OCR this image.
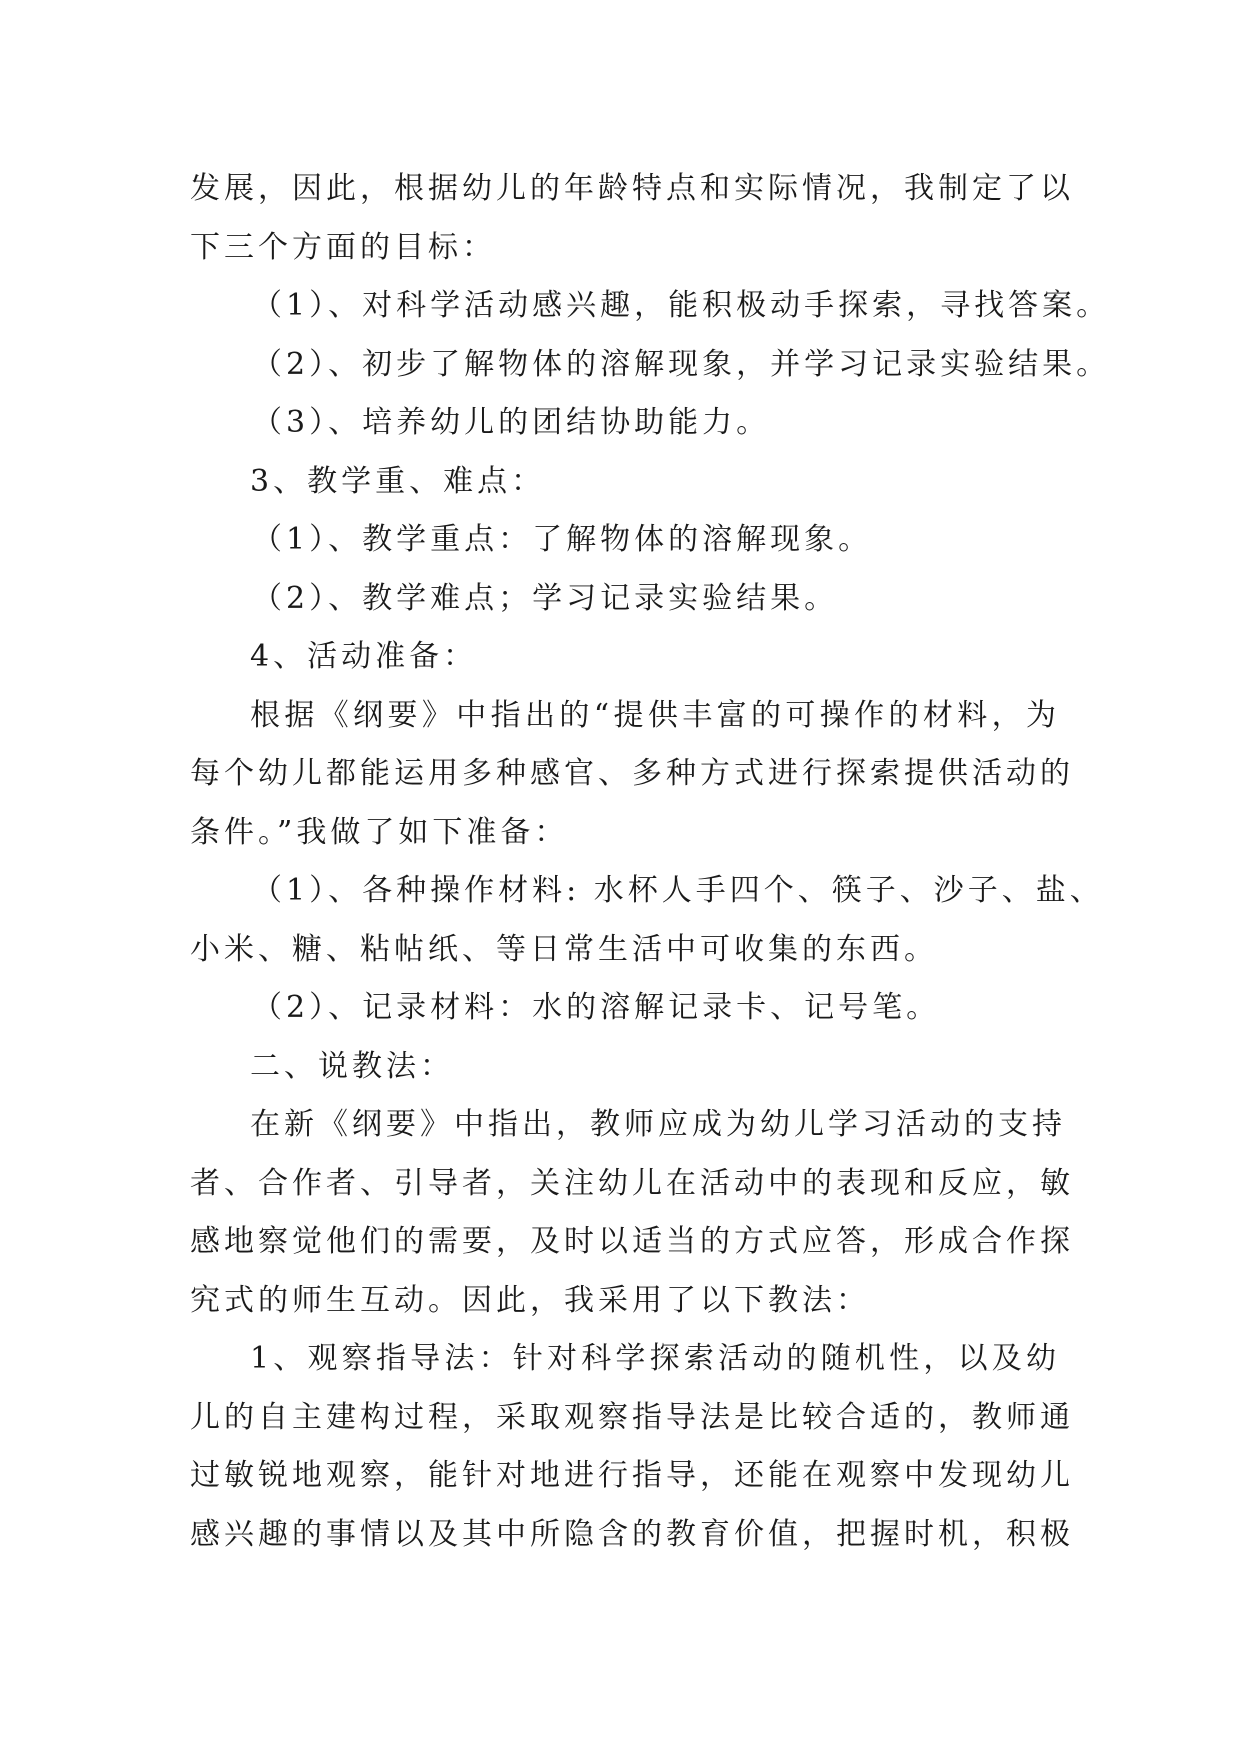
发展，因此，根据幼儿的年龄特点和实际情况，我制定了以
下三个方面的目标：
（1）、对科学活动感兴趣，能积极动手探索，寻找答案。
（2）、初步了解物体的溶解现象，并学习记录实验结果。
（3）、培养幼儿的团结协助能力。
3、教学重、难点：
（1）、教学重点：了解物体的溶解现象。
（2）、教学难点；学习记录实验结果。
4、活动准备：
根据《纲要》中指出的“提供丰富的可操作的材料，为
每个幼儿都能运用多种感官、多种方式进行探索提供活动的
条件。”我做了如下准备：
（1）、各种操作材料: 水杯人手四个、筷子、沙子、盐、
小米、糖、粘帖纸、等日常生活中可收集的东西。
（2）、记录材料：水的溶解记录卡、记号笔。
二、说教法：
在新《纲要》中指出，教师应成为幼儿学习活动的支持
者、合作者、引导者，关注幼儿在活动中的表现和反应，敏
感地察觉他们的需要，及时以适当的方式应答，形成合作探
究式的师生互动。因此，我采用了以下教法：
1、观察指导法：针对科学探索活动的随机性，以及幼
儿的自主建构过程，采取观察指导法是比较合适的，教师通
过敏锐地观察，能针对地进行指导，还能在观察中发现幼儿
感兴趣的事情以及其中所隐含的教育价值，把握时机，积极
